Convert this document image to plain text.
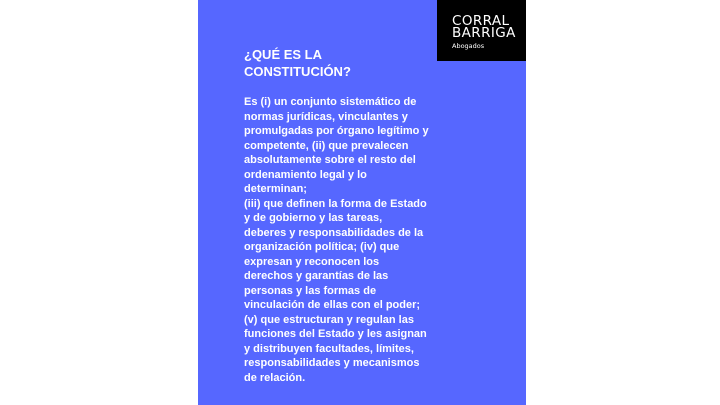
CORRAL
BARRIGA
Abogados
¿QUÉ ES LA
CONSTITUCIÓN?
Es (i) un conjunto sistemático de
normas jurídicas, vinculantes y
promulgadas por órgano legítimo y
competente, (ii) que prevalecen
absolutamente sobre el resto del
ordenamiento legal y lo
determinan;
(iii) que definen la forma de Estado
y de gobierno y las tareas,
deberes y responsabilidades de la
organización política; (iv) que
expresan y reconocen los
derechos y garantías de las
personas y las formas de
vinculación de ellas con el poder;
(v) que estructuran y regulan las
funciones del Estado y les asignan
y distribuyen facultades, límites,
responsabilidades y mecanismos
de relación.
